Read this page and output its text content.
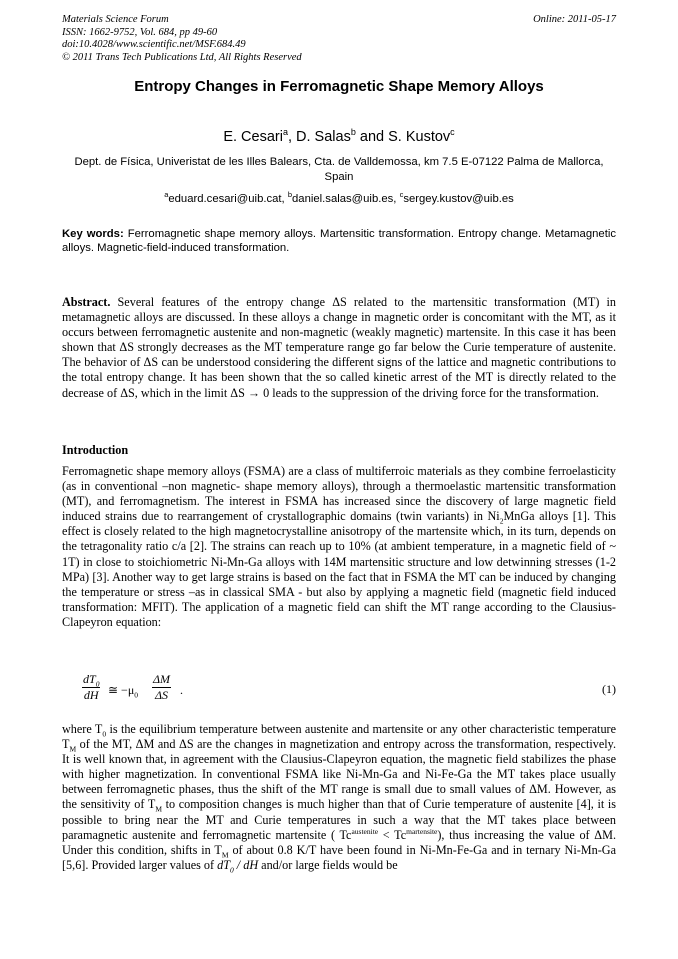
Materials Science Forum
ISSN: 1662-9752, Vol. 684, pp 49-60
doi:10.4028/www.scientific.net/MSF.684.49
© 2011 Trans Tech Publications Ltd, All Rights Reserved
Online: 2011-05-17
Entropy Changes in Ferromagnetic Shape Memory Alloys
E. Cesari$^a$, D. Salas$^b$ and S. Kustov$^c$
Dept. de Física, Univeristat de les Illes Balears, Cta. de Valldemossa, km 7.5 E-07122 Palma de Mallorca, Spain
$^a$eduard.cesari@uib.cat, $^b$daniel.salas@uib.es, $^c$sergey.kustov@uib.es
Key words: Ferromagnetic shape memory alloys. Martensitic transformation. Entropy change. Metamagnetic alloys. Magnetic-field-induced transformation.
Abstract. Several features of the entropy change ΔS related to the martensitic transformation (MT) in metamagnetic alloys are discussed. In these alloys a change in magnetic order is concomitant with the MT, as it occurs between ferromagnetic austenite and non-magnetic (weakly magnetic) martensite. In this case it has been shown that ΔS strongly decreases as the MT temperature range go far below the Curie temperature of austenite. The behavior of ΔS can be understood considering the different signs of the lattice and magnetic contributions to the total entropy change. It has been shown that the so called kinetic arrest of the MT is directly related to the decrease of ΔS, which in the limit ΔS → 0 leads to the suppression of the driving force for the transformation.
Introduction
Ferromagnetic shape memory alloys (FSMA) are a class of multiferroic materials as they combine ferroelasticity (as in conventional –non magnetic- shape memory alloys), through a thermoelastic martensitic transformation (MT), and ferromagnetism. The interest in FSMA has increased since the discovery of large magnetic field induced strains due to rearrangement of crystallographic domains (twin variants) in $Ni_2MnGa$ alloys [1]. This effect is closely related to the high magnetocrystalline anisotropy of the martensite which, in its turn, depends on the tetragonality ratio c/a [2]. The strains can reach up to 10% (at ambient temperature, in a magnetic field of ~ 1T) in close to stoichiometric Ni-Mn-Ga alloys with 14M martensitic structure and low detwinning stresses (1-2 MPa) [3]. Another way to get large strains is based on the fact that in FSMA the MT can be induced by changing the temperature or stress –as in classical SMA - but also by applying a magnetic field (magnetic field induced transformation: MFIT). The application of a magnetic field can shift the MT range according to the Clausius-Clapeyron equation:
$\frac{dT_0}{dH}$ ≅ $-\mu_0 \frac{\Delta M}{\Delta S}$ .	(1)
where $T_0$ is the equilibrium temperature between austenite and martensite or any other characteristic temperature $T_M$ of the MT, ΔM and ΔS are the changes in magnetization and entropy across the transformation, respectively. It is well known that, in agreement with the Clausius-Clapeyron equation, the magnetic field stabilizes the phase with higher magnetization. In conventional FSMA like Ni-Mn-Ga and Ni-Fe-Ga the MT takes place usually between ferromagnetic phases, thus the shift of the MT range is small due to small values of ΔM. However, as the sensitivity of $T_M$ to composition changes is much higher than that of Curie temperature of austenite [4], it is possible to bring near the MT and Curie temperatures in such a way that the MT takes place between paramagnetic austenite and ferromagnetic martensite ( $Tc^{austenite} < Tc^{martensite}$), thus increasing the value of ΔM. Under this condition, shifts in $T_M$ of about 0.8 K/T have been found in Ni-Mn-Fe-Ga and in ternary Ni-Mn-Ga [5,6]. Provided larger values of $dT_0$ / dH and/or large fields would be
